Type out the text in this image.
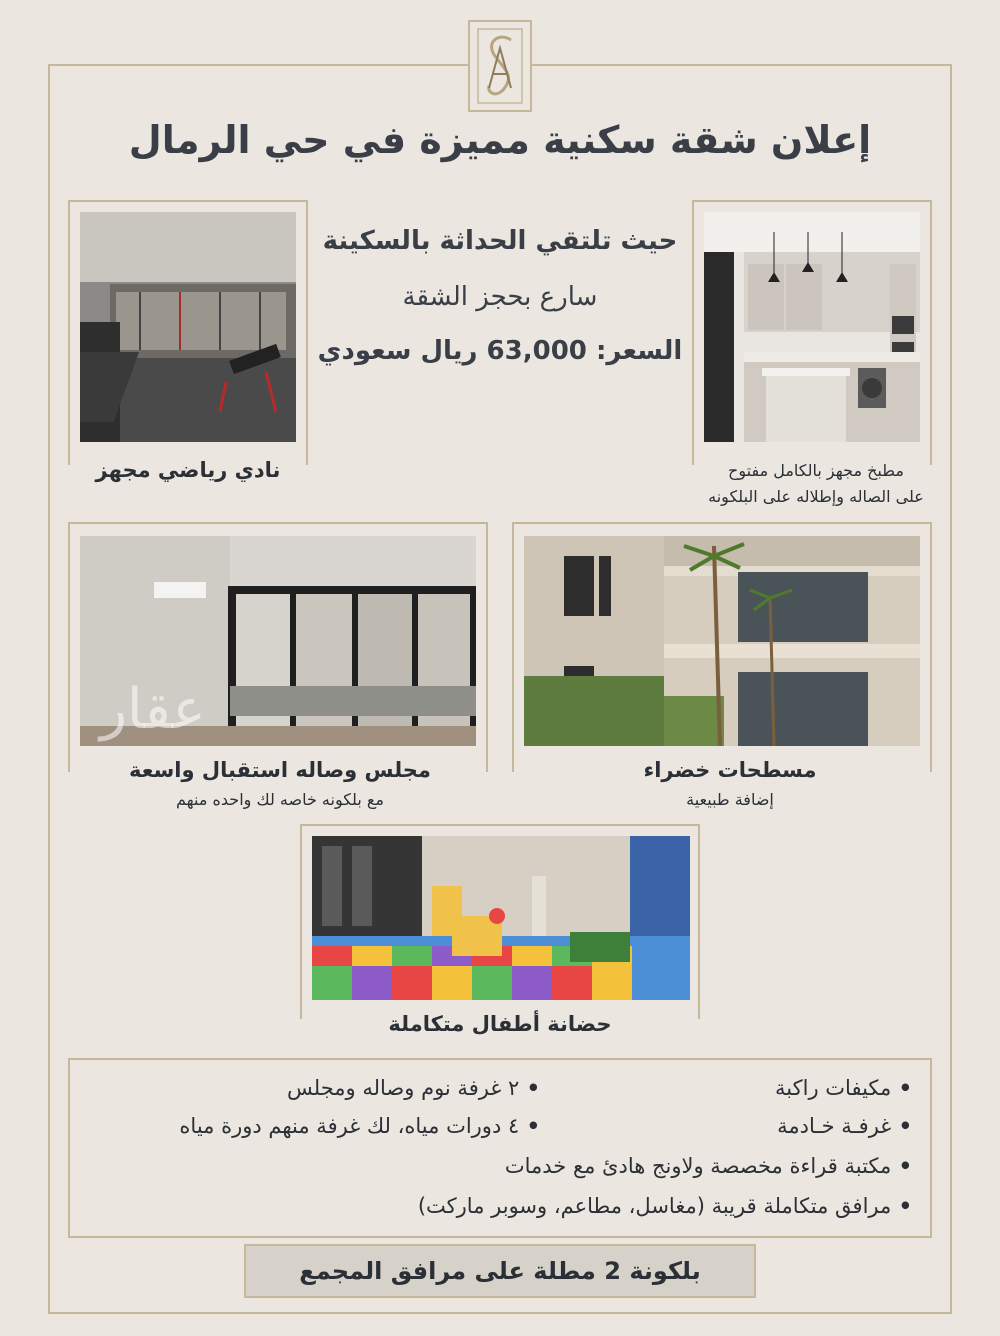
إعلان شقة سكنية مميزة في حي الرمال
حيث تلتقي الحداثة بالسكينة
سارع بحجز الشقة
السعر: 63,000 ريال سعودي
مطبخ مجهز بالكامل مفتوح
على الصاله وإطلاله على البلكونه
نادي رياضي مجهز
مسطحات خضراء
إضافة طبيعية
عقار
مجلس وصاله استقبال واسعة
مع بلكونه خاصه لك واحده منهم
حضانة أطفال متكاملة
• مكيفات راكبة
• ٢ غرفة نوم وصاله ومجلس
• غرفـة خـادمة
• ٤ دورات مياه، لك غرفة منهم دورة مياه
• مكتبة قراءة مخصصة ولاونج هادئ مع خدمات
• مرافق متكاملة قريبة (مغاسل، مطاعم، وسوبر ماركت)
بلكونة 2 مطلة على مرافق المجمع
